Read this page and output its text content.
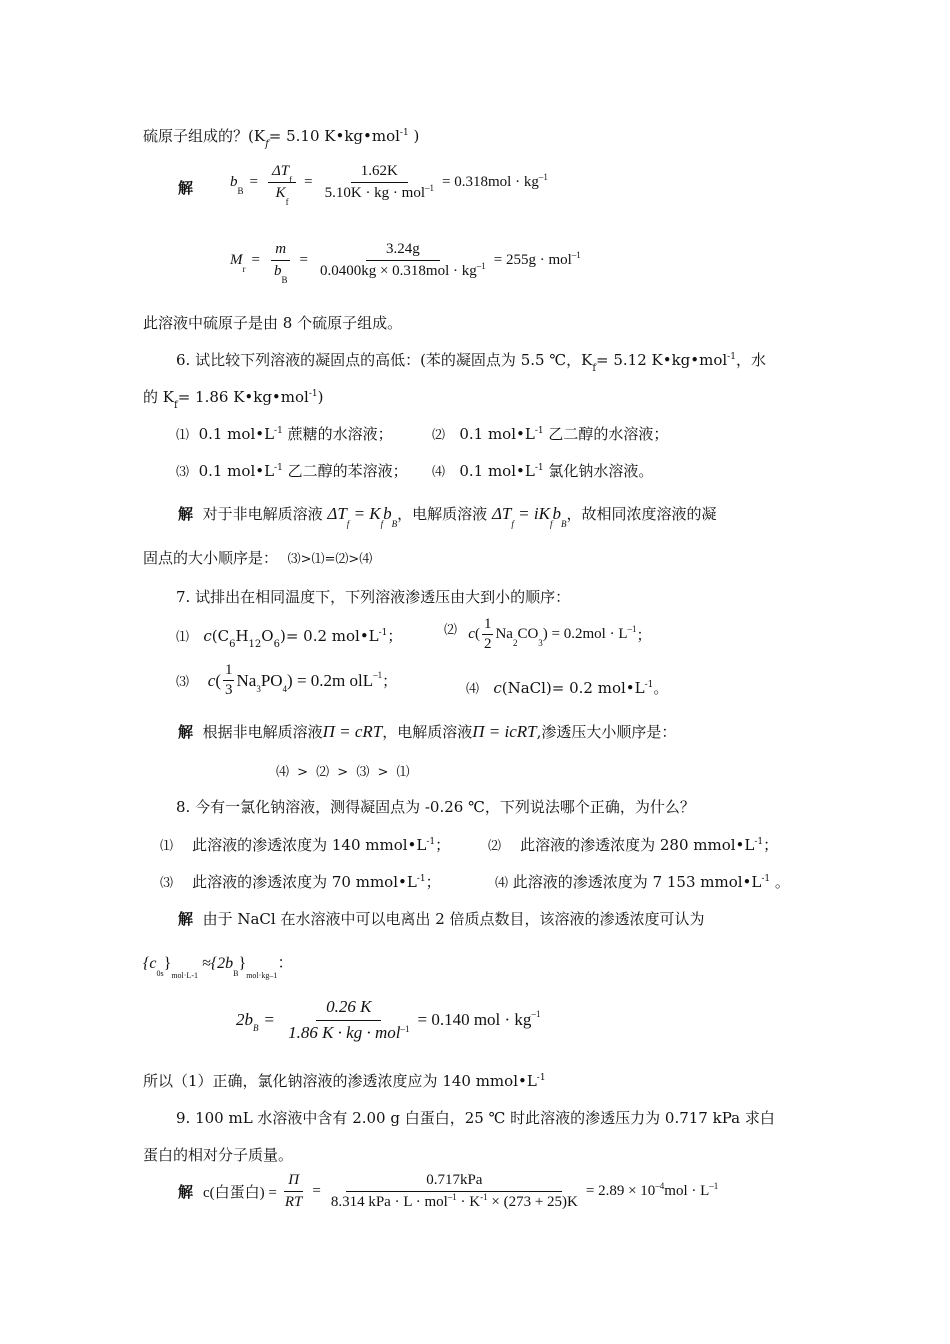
硫原子组成的？($K_f= 5.10$ K•kg•mol$^{-1}$ )
解 b
B
= $\frac{\Delta T_f}{K_f} = \frac{1.62K}{5.10K \cdot kg \cdot mol^{-1}} = 0.318mol$ · kg –1
M
r
= $\frac{m}{b_B} = \frac{3.24g}{0.0400kg \times 0.318mol \cdot kg^{-1}} = 255g$ · mol –1
此溶液中硫原子是由 8 个硫原子组成。
6. 试比较下列溶液的凝固点的高低：(苯的凝固点为 5.5 ℃，$K_f= 5.12$ K•kg•mol$^{-1}$，水
的 $K_f= 1.86$ K•kg•mol$^{-1}$)
⑴ 0.1 $mol•L^{-1}$ 蔗糖的水溶液；	⑵ 0.1 $mol•L^{-1}$ 乙二醇的水溶液；
⑶ 0.1 $mol•L^{-1}$ 乙二醇的苯溶液； ⑷ 0.1 $mol•L^{-1}$ 氯化钠水溶液。
解 对于非电解质溶液 $\Delta T_f = K_fb_B$，电解质溶液 $\Delta T_f = iK_fb_B$，故相同浓度溶液的凝
固点的大小顺序是： ⑶>⑴=⑵>⑷
7. 试排出在相同温度下，下列溶液渗透压由大到小的顺序：
⑴ $c(C_6H_{12}O_6)= 0.2$ $mol•L^{-1}$；	⑵
c ( $\frac{1}{2}$ Na
2
CO
3
) = 0.2mol · L –1 ；
⑶
c ( $\frac{1}{3}$ Na 3 PO 4 ) = 0.2m o l L –1 ；	⑷ c(NaCl)= 0.2 $mol•L^{-1}$。
解 根据非电解质溶液Π = cRT，电解质溶液Π = icRT,渗透压大小顺序是：
⑷ > ⑵ > ⑶ > ⑴
8. 今有一氯化钠溶液，测得凝固点为 -0.26 ℃，下列说法哪个正确，为什么？
⑴ 此溶液的渗透浓度为 140 $mmol•L^{-1}$；	⑵ 此溶液的渗透浓度为 280 $mmol•L^{-1}$；
⑶ 此溶液的渗透浓度为 70 $mmol•L^{-1}$；	⑷ 此溶液的渗透浓度为 7 153 $mmol•L^{-1}$ 。
解 由于 NaCl 在水溶液中可以电离出 2 倍质点数目，该溶液的渗透浓度可认为
$\{c_{0s}\}_{mol\cdot L-1} \approx\{2b_B\}_{mol\cdot kg-1}$：
2b $B = \frac{0.26 K}{1.86 K \cdot kg \cdot mol^{-1}} = 0.140$ mol · kg –1
所以（1）正确，氯化钠溶液的渗透浓度应为 140 $mmol•L^{-1}$
9. 100 mL 水溶液中含有 2.00 g 白蛋白，25 ℃ 时此溶液的渗透压力为 0.717 kPa 求白
蛋白的相对分子质量。
解 c(白蛋白) = $\frac{\Pi}{RT} = \frac{\text{0.717kPa}}{8.314 kPa \cdot L \cdot mol^{-1} \cdot K^{-1} \times (273 + 25)K} = 2.89 \times 10$ –4 mol · L –1
